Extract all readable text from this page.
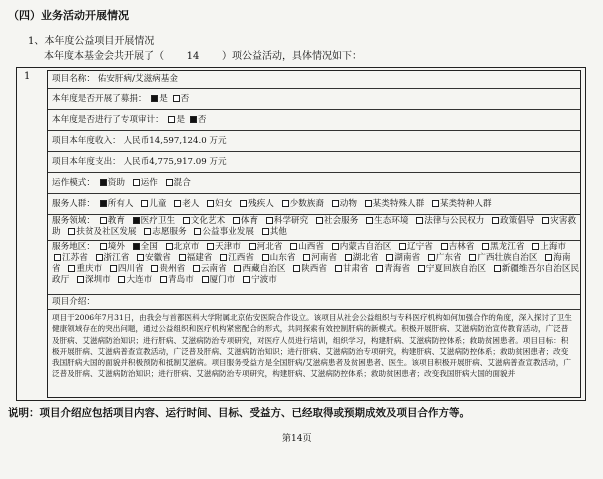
（四）业务活动开展情况
1、本年度公益项目开展情况
本年度本基金会共开展了（ 14 ）项公益活动，具体情况如下：
1	项目名称： 佑安肝病/艾滋病基金
本年度是否开展了募捐： 是 否
本年度是否进行了专项审计： 是 否
项目本年度收入： 人民币14,597,124.0 万元
项目本年度支出： 人民币4,775,917.09 万元
运作模式： 资助 运作 混合
服务人群： 所有人 儿童 老人 妇女 残疾人 少数族裔 动物 某类特殊人群 某类特种人群
服务领域： 教育 医疗卫生 文化艺术 体育 科学研究 社会服务 生态环境 法律与公民权力 政策倡导 灾害救助 扶贫及社区发展 志愿服务 公益事业发展 其他
服务地区： 境外 全国 北京市 天津市 河北省 山西省 内蒙古自治区 辽宁省 吉林省 黑龙江省 上海市 江苏省 浙江省 安徽省 福建省 江西省 山东省 河南省 湖北省 湖南省 广东省 广西壮族自治区 海南省 重庆市 四川省 贵州省 云南省 西藏自治区 陕西省 甘肃省 青海省 宁夏回族自治区 新疆维吾尔自治区民政厅 深圳市 大连市 青岛市 厦门市 宁波市
项目介绍：
项目于2006年7月31日，由我会与首都医科大学附属北京佑安医院合作设立。该项目从社会公益组织与专科医疗机构如何加强合作的角度，深入探讨了卫生健康领域存在的突出问题，通过公益组织和医疗机构紧密配合的形式，共同探索有效控制肝病的新模式。积极开展肝病、艾滋病防治宣传教育活动，广泛普及肝病、艾滋病防治知识；进行肝病、艾滋病防治专项研究，对医疗人员进行培训，组织学习，构建肝病、艾滋病防控体系；救助贫困患者。项目目标：积极开展肝病、艾滋病普查宣教活动，广泛普及肝病、艾滋病防治知识；进行肝病、艾滋病防治专项研究，构建肝病、艾滋病防控体系；救助贫困患者；改变我国肝病大国的面貌并积极预防和抵制艾滋病。项目服务受益方是全国肝病/艾滋病患者及贫困患者、医生。该项目积极开展肝病、艾滋病普查宣教活动，广泛普及肝病、艾滋病防治知识；进行肝病、艾滋病防治专项研究，构建肝病、艾滋病防控体系；救助贫困患者；改变我国肝病大国的面貌并
说明：项目介绍应包括项目内容、运行时间、目标、受益方、已经取得或预期成效及项目合作方等。
第14页
